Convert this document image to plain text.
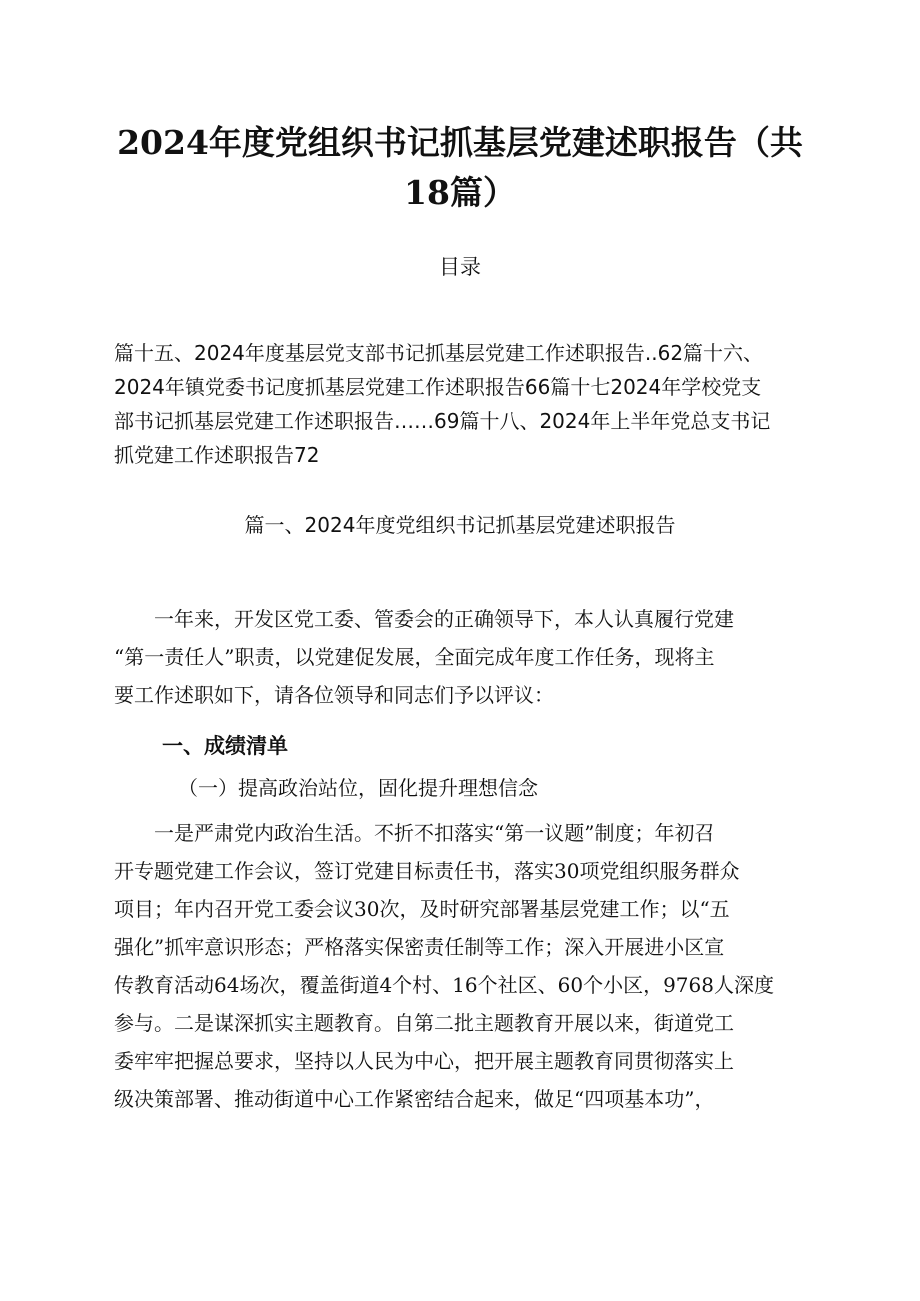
2024年度党组织书记抓基层党建述职报告（共
18篇）
目录
篇十五、2024年度基层党支部书记抓基层党建工作述职报告..62篇十六、
2024年镇党委书记度抓基层党建工作述职报告66篇十七2024年学校党支
部书记抓基层党建工作述职报告……69篇十八、2024年上半年党总支书记
抓党建工作述职报告72
篇一、2024年度党组织书记抓基层党建述职报告
一年来，开发区党工委、管委会的正确领导下，本人认真履行党建
“第一责任人”职责，以党建促发展，全面完成年度工作任务，现将主
要工作述职如下，请各位领导和同志们予以评议：
一、成绩清单
（一）提高政治站位，固化提升理想信念
一是严肃党内政治生活。不折不扣落实“第一议题”制度；年初召
开专题党建工作会议，签订党建目标责任书，落实30项党组织服务群众
项目；年内召开党工委会议30次，及时研究部署基层党建工作；以“五
强化”抓牢意识形态；严格落实保密责任制等工作；深入开展进小区宣
传教育活动64场次，覆盖街道4个村、16个社区、60个小区，9768人深度
参与。二是谋深抓实主题教育。自第二批主题教育开展以来，街道党工
委牢牢把握总要求，坚持以人民为中心，把开展主题教育同贯彻落实上
级决策部署、推动街道中心工作紧密结合起来，做足“四项基本功”，
